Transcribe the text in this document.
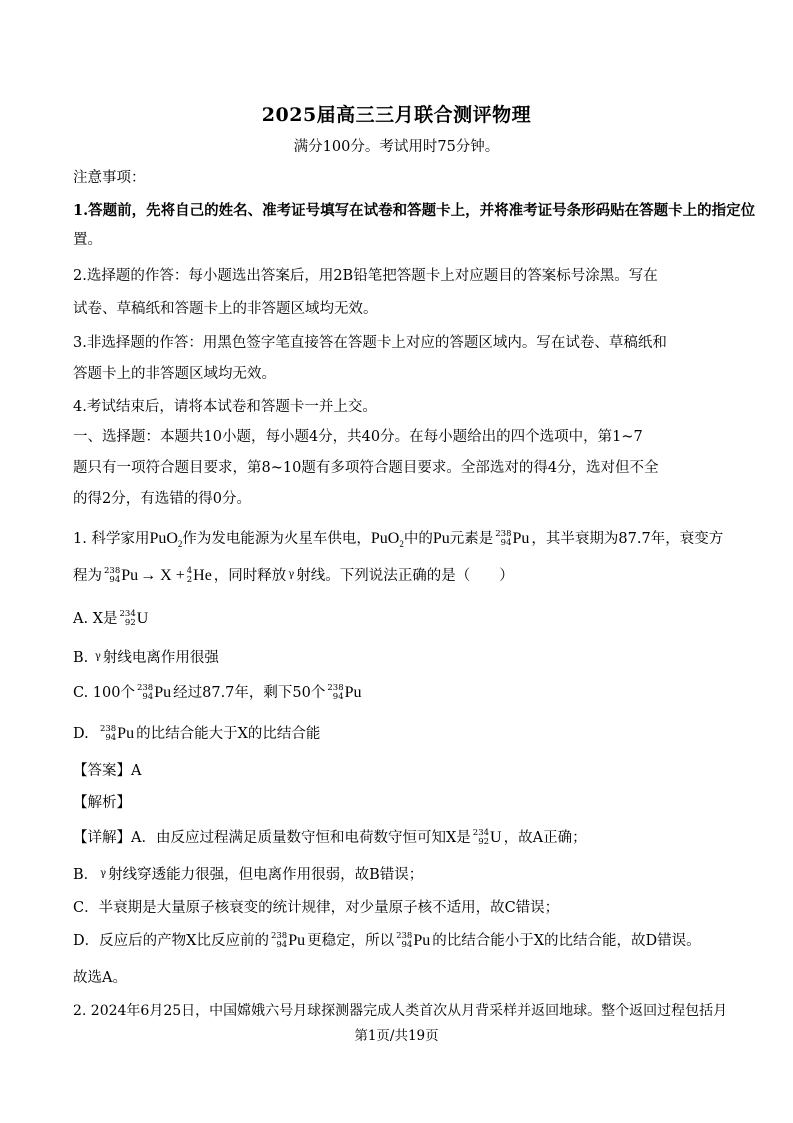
2025届高三三月联合测评物理
满分100分。考试用时75分钟。
注意事项：
1.答题前，先将自己的姓名、准考证号填写在试卷和答题卡上，并将准考证号条形码贴在答题卡上的指定位
置。
2.选择题的作答：每小题选出答案后，用2B铅笔把答题卡上对应题目的答案标号涂黑。写在
试卷、草稿纸和答题卡上的非答题区域均无效。
3.非选择题的作答：用黑色签字笔直接答在答题卡上对应的答题区域内。写在试卷、草稿纸和
答题卡上的非答题区域均无效。
4.考试结束后，请将本试卷和答题卡一并上交。
一、选择题：本题共10小题，每小题4分，共40分。在每小题给出的四个选项中，第1~7
题只有一项符合题目要求，第8~10题有多项符合题目要求。全部选对的得4分，选对但不全
的得2分，有选错的得0分。
1. 科学家用PuO$_2$作为发电能源为火星车供电，PuO$_2$中的Pu元素是 238
94 Pu ，其半衰期为87.7年，衰变方
程为 238
94 Pu → X + 4
2 He ，同时释放 $^\gamma$ 射线。下列说法正确的是（　　）
A. X是 234
92 U
B. $^\gamma$ 射线电离作用很强
C. 100个 238
94 Pu 经过87.7年，剩下50个 238
94 Pu
D. 238
94 Pu 的比结合能大于X的比结合能
【答案】A
【解析】
【详解】A．由反应过程满足质量数守恒和电荷数守恒可知X是 234
92 U ，故A正确；
B． $^\gamma$ 射线穿透能力很强，但电离作用很弱，故B错误；
C．半衰期是大量原子核衰变的统计规律，对少量原子核不适用，故C错误；
D．反应后的产物X比反应前的 238
94 Pu 更稳定，所以 238
94 Pu 的比结合能小于X的比结合能，故D错误。
故选A。
2. 2024年6月25日，中国嫦娥六号月球探测器完成人类首次从月背采样并返回地球。整个返回过程包括月
第1页/共19页
